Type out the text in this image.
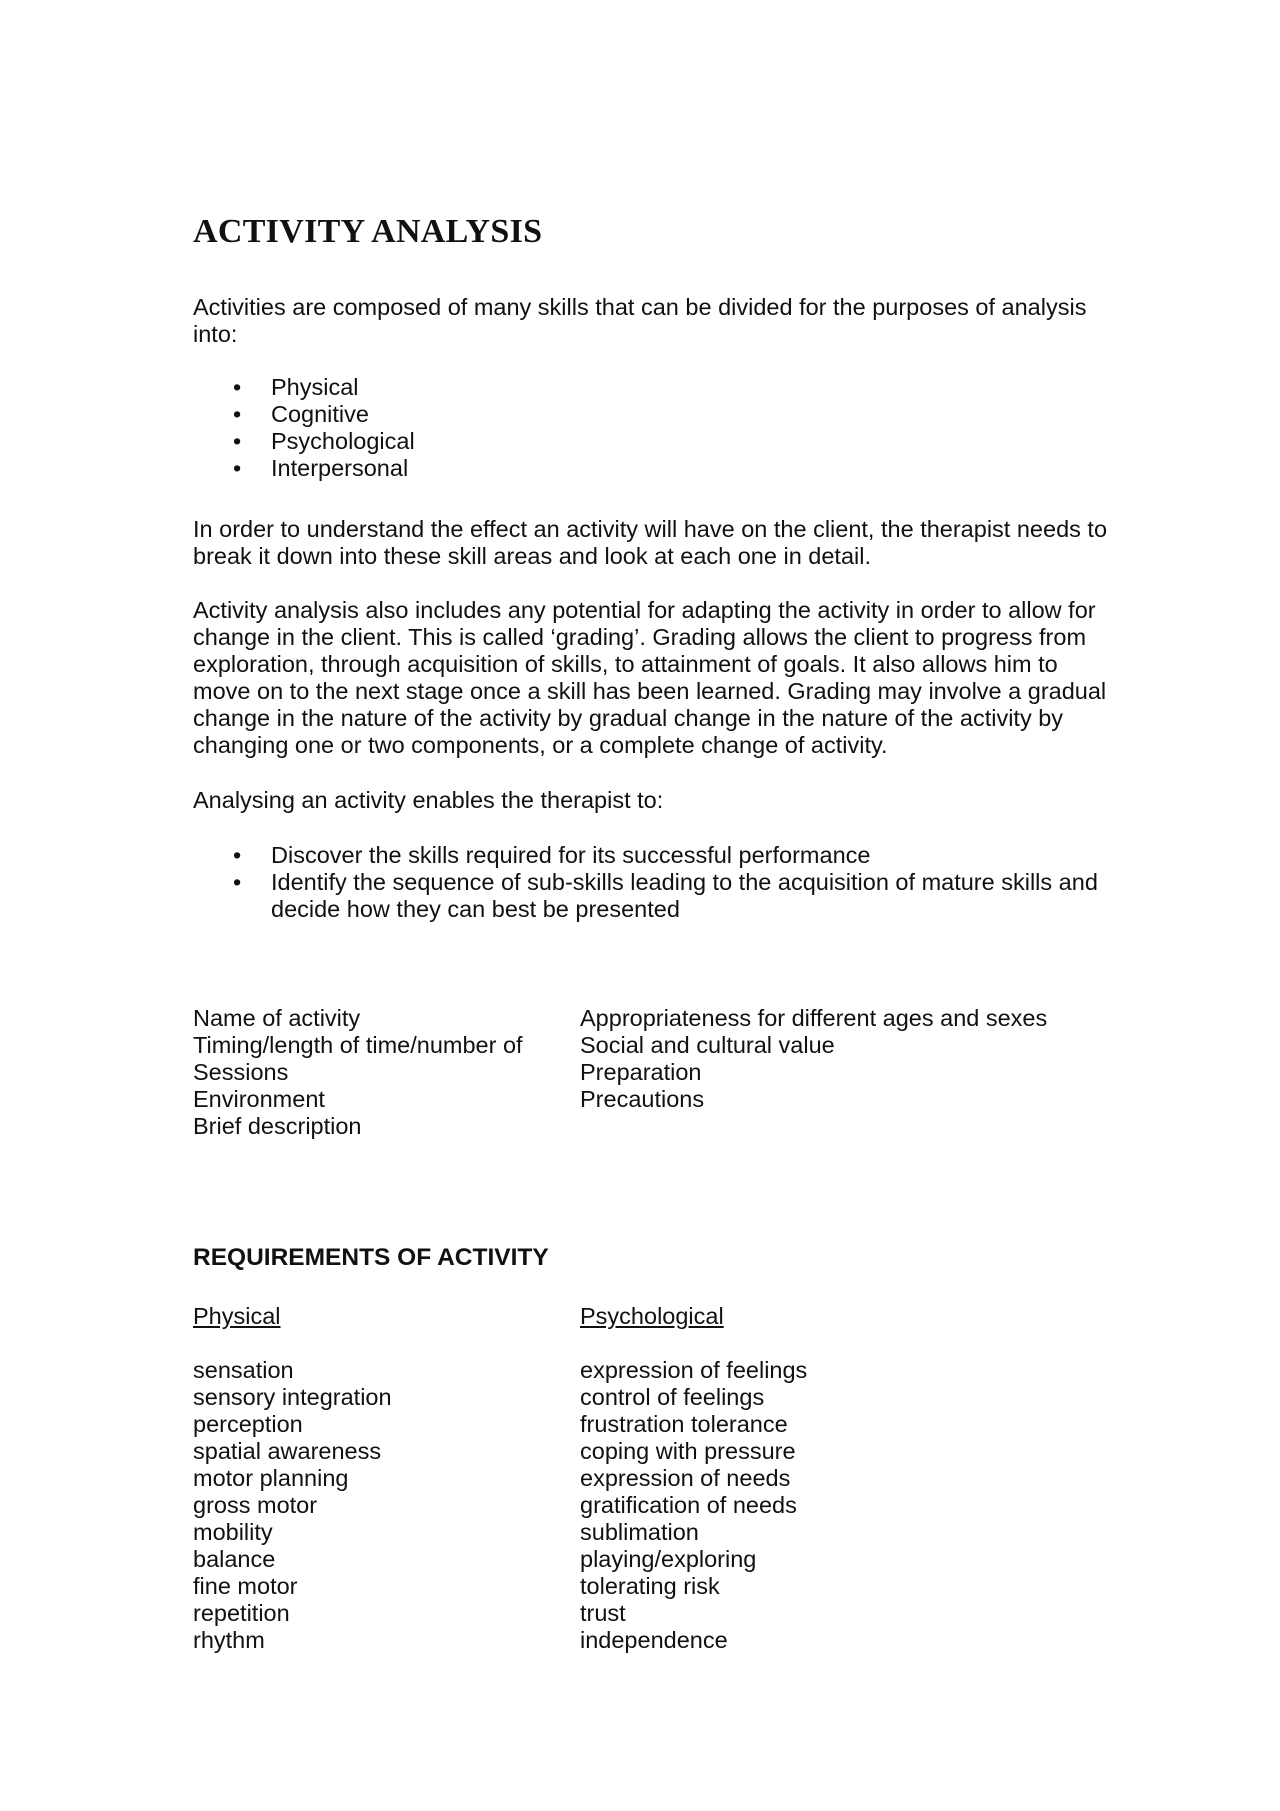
ACTIVITY ANALYSIS

Activities are composed of many skills that can be divided for the purposes of analysis
into:

• Physical
• Cognitive
• Psychological
• Interpersonal

In order to understand the effect an activity will have on the client, the therapist needs to
break it down into these skill areas and look at each one in detail.

Activity analysis also includes any potential for adapting the activity in order to allow for
change in the client. This is called ‘grading’. Grading allows the client to progress from
exploration, through acquisition of skills, to attainment of goals. It also allows him to
move on to the next stage once a skill has been learned. Grading may involve a gradual
change in the nature of the activity by gradual change in the nature of the activity by
changing one or two components, or a complete change of activity.

Analysing an activity enables the therapist to:

• Discover the skills required for its successful performance
• Identify the sequence of sub-skills leading to the acquisition of mature skills and
decide how they can best be presented
Name of activity
Timing/length of time/number of
Sessions
Environment
Brief description
Appropriateness for different ages and sexes
Social and cultural value
Preparation
Precautions
REQUIREMENTS OF ACTIVITY
Physical
sensation
sensory integration
perception
spatial awareness
motor planning
gross motor
mobility
balance
fine motor
repetition
rhythm
Psychological
expression of feelings
control of feelings
frustration tolerance
coping with pressure
expression of needs
gratification of needs
sublimation
playing/exploring
tolerating risk
trust
independence
